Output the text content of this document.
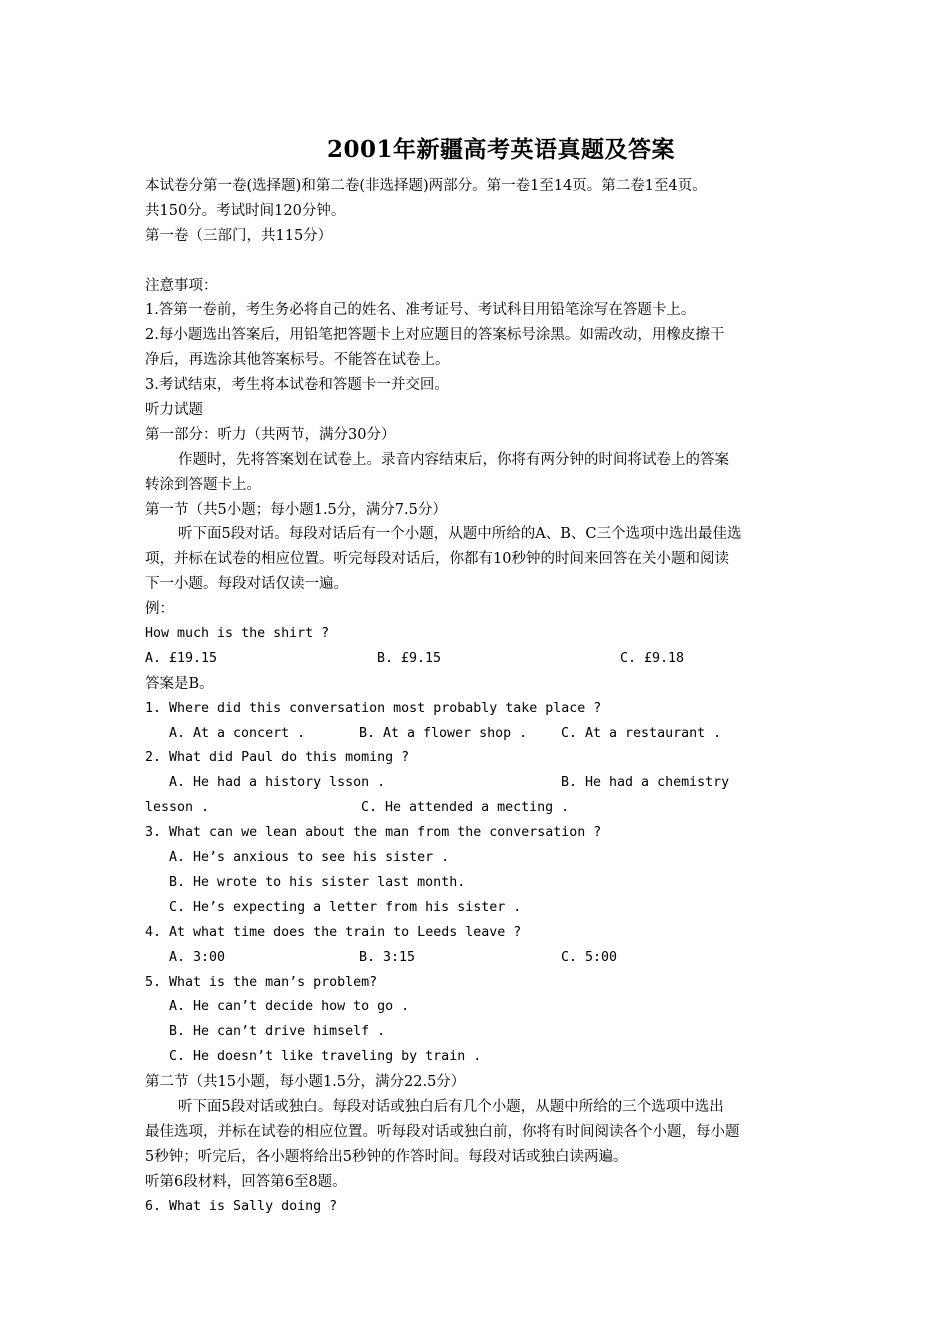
2001年新疆高考英语真题及答案
本试卷分第一卷(选择题)和第二卷(非选择题)两部分。第一卷1至14页。第二卷1至4页。
共150分。考试时间120分钟。
第一卷（三部门，共115分）
注意事项：
1.答第一卷前，考生务必将自己的姓名、准考证号、考试科目用铅笔涂写在答题卡上。
2.每小题选出答案后，用铅笔把答题卡上对应题目的答案标号涂黑。如需改动，用橡皮擦干
净后，再选涂其他答案标号。不能答在试卷上。
3.考试结束，考生将本试卷和答题卡一并交回。
听力试题
第一部分：听力（共两节，满分30分）
作题时，先将答案划在试卷上。录音内容结束后，你将有两分钟的时间将试卷上的答案
转涂到答题卡上。
第一节（共5小题；每小题1.5分，满分7.5分）
听下面5段对话。每段对话后有一个小题，从题中所给的A、B、C三个选项中选出最佳选
项，并标在试卷的相应位置。听完每段对话后，你都有10秒钟的时间来回答在关小题和阅读
下一小题。每段对话仅读一遍。
例：
How much is the shirt ?
A. £19.15	B. £9.15	C. £9.18
答案是B。
1. Where did this conversation most probably take place ?
A. At a concert .	B. At a flower shop .	C. At a restaurant .
2. What did Paul do this moming ?
A. He had a history lsson .	B. He had a chemistry
lesson .	C. He attended a mecting .
3. What can we lean about the man from the conversation ?
A. He’s anxious to see his sister .
B. He wrote to his sister last month.
C. He’s expecting a letter from his sister .
4. At what time does the train to Leeds leave ?
A. 3:00	B. 3:15	C. 5:00
5. What is the man’s problem?
A. He can’t decide how to go .
B. He can’t drive himself .
C. He doesn’t like traveling by train .
第二节（共15小题，每小题1.5分，满分22.5分）
听下面5段对话或独白。每段对话或独白后有几个小题，从题中所给的三个选项中选出
最佳选项，并标在试卷的相应位置。听每段对话或独白前，你将有时间阅读各个小题，每小题
5秒钟；听完后，各小题将给出5秒钟的作答时间。每段对话或独白读两遍。
听第6段材料，回答第6至8题。
6. What is Sally doing ?
